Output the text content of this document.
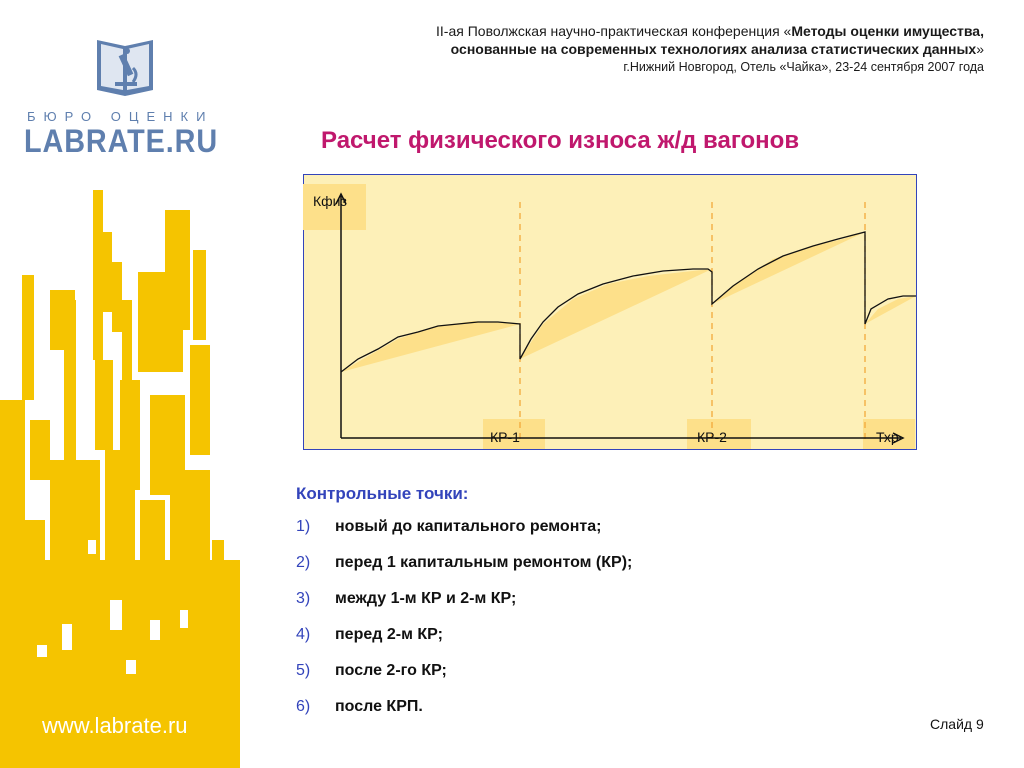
БЮРО ОЦЕНКИ
LABRATE.RU
www.labrate.ru
II-ая Поволжская научно-практическая конференция «Методы оценки имущества,
основанные на современных технологиях анализа статистических данных»
г.Нижний Новгород, Отель «Чайка», 23-24 сентября 2007 года
Расчет физического износа ж/д вагонов
Кфиз
КР-1	КР-2	Тхр
Контрольные точки:
1)	новый до капитального ремонта;
2)	перед 1 капитальным ремонтом (КР);
3)	между 1-м КР и 2-м КР;
4)	перед 2-м КР;
5)	после 2-го КР;
6)	после КРП.
Слайд 9
